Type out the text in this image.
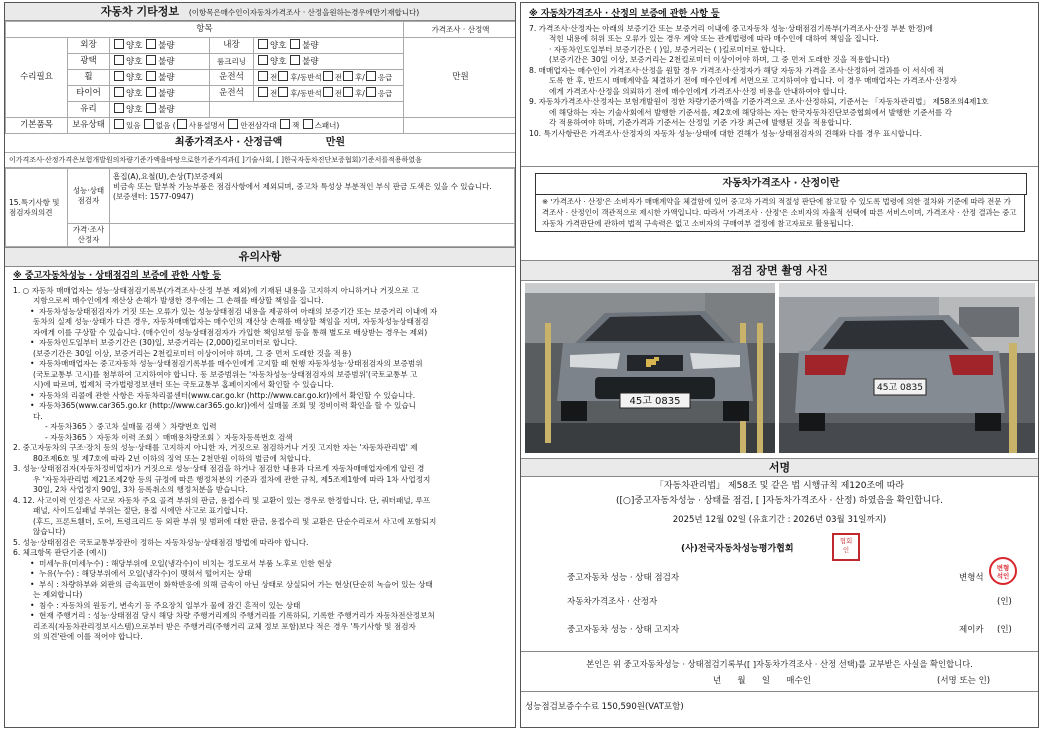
자동차 기타정보 (이항목은매수인이자동차가격조사 · 산정을원하는경우에만기재합니다)
항목					가격조사 · 산정액
수리필요	외장	양호 불량	내장	양호 불량	만원
	광택	양호 불량	룸크리닝	양호 불량	
	휠	양호 불량	운전석	전 후/동반석 전 후/ 응급	
	타이어	양호 불량	운전석	전 후/동반석 전 후/ 응급	
	유리	양호 불량			
기본품목	보유상태	있음 없음 ( 사용설명서 안전삼각대 잭 스패너)			
최종가격조사 · 산정금액	만원
이가격조사·산정가격은보험개발원의차량기준가액을바탕으로한기준가격과([ ]기술사회, [ ]한국자동차진단보증협회)기준서를적용하였음
15.특기사항 및 점검자의의견	성능·상태 점검자	흠집(A),요철(U),손상(T)보증제외
비금속 또는 탈부착 가능부품은 점검사항에서 제외되며, 중고차 특성상 부분적인 부식 판금 도색은 있을 수 있습니다.
(보증센터: 1577-0947)
	가격·조사 산정자	
유의사항

※ 중고자동차성능 · 상태점검의 보증에 관한 사항 등

1. ○ 자동차 매매업자는 성능·상태점검기록부(가격조사·산정 부분 제외)에 기재된 내용을 고지하지 아니하거나 거짓으로 고

지함으로써 매수인에게 재산상 손해가 발생한 경우에는 그 손해를 배상할 책임을 집니다.

• 자동차성능상태점검자가 거짓 또는 오류가 있는 성능상태점검 내용을 제공하여 아래의 보증기간 또는 보증거리 이내에 자

동차의 실제 성능·상태가 다른 경우, 자동차매매업자는 매수인의 재산상 손해를 배상할 책임을 지며, 자동차성능상태점검

자에게 이를 구상할 수 있습니다. (매수인이 성능상태점검자가 가입한 책임보험 등을 통해 별도로 배상받는 경우는 제외)

• 자동차인도일부터 보증기간은 (30)일, 보증거리는 (2,000)킬로미터로 합니다.

(보증기간은 30일 이상, 보증거리는 2천킬로미터 이상이어야 하며, 그 중 먼저 도래한 것을 적용)

• 자동차매매업자는 중고자동차 성능·상태점검기록부를 매수인에게 고지할 때 현행 자동차성능·상태점검자의 보증범위

(국토교통부 고시)를 첨부하여 고지하여야 합니다. 동 보증범위는 '자동차성능·상태점검자의 보증범위'(국토교통부 고

시)에 따르며, 법제처 국가법령정보센터 또는 국토교통부 홈페이지에서 확인할 수 있습니다.

• 자동차의 리콜에 관한 사항은 자동차리콜센터(www.car.go.kr (http://www.car.go.kr))에서 확인할 수 있습니다.

• 자동차365(www.car365.go.kr (http://www.car365.go.kr))에서 실매물 조회 및 정비이력 확인을 할 수 있습니

다.

- 자동차365 〉중고차 실매물 검색 〉차량번호 입력

- 자동차365 〉자동차 이력 조회 〉매매용차량조회 〉자동차등록번호 검색

2. 중고자동차의 구조·장치 등의 성능·상태를 고지하지 아니한 자, 거짓으로 점검하거나 거짓 고지한 자는 '자동차관리법' 제

80조제6호 및 제7호에 따라 2년 이하의 징역 또는 2천만원 이하의 벌금에 처합니다.

3. 성능·상태점검자(자동차정비업자)가 거짓으로 성능·상태 점검을 하거나 점검한 내용과 다르게 자동차매매업자에게 알린 경

우 '자동차관리법 제21조제2항 등의 규정에 따른 행정처분의 기준과 절차에 관한 규칙, 제5조제1항에 따라 1차 사업정지

30일, 2차 사업정지 90일, 3차 등록취소의 행정처분을 받습니다.

4. 12. 사고이력 인정은 사고로 자동차 주요 골격 부위의 판금, 용접수리 및 교환이 있는 경우로 한정합니다. 단, 쿼터패널, 루프

패널, 사이드실패널 부위는 절단, 용접 시에만 사고로 표기합니다.

(후드, 프론트휀더, 도어, 트렁크리드 등 외판 부위 및 범퍼에 대한 판금, 용접수리 및 교환은 단순수리로서 사고에 포함되지

않습니다)

5. 성능·상태점검은 국토교통부장관이 정하는 자동차성능·상태점검 방법에 따라야 합니다.

6. 체크항목 판단기준 (예시)

• 미세누유(미세누수) : 해당부위에 오일(냉각수)이 비치는 정도로서 부품 노후로 인한 현상

• 누유(누수) : 해당부위에서 오일(냉각수)이 맺혀서 떨어지는 상태

• 부식 : 차량하부와 외판의 금속표면이 화학반응에 의해 금속이 아닌 상태로 상실되어 가는 현상(단순히 녹슬어 있는 상태

는 제외합니다)

• 침수 : 자동차의 원동기, 변속기 등 주요장치 일부가 물에 잠긴 흔적이 있는 상태

• 현재 주행거리 : 성능·상태점검 당시 해당 차량 주행거리계의 주행거리를 기록하되, 기록한 주행거리가 자동차전산정보처

리조직(자동차관리정보시스템)으로부터 받은 주행거리(주행거리 교체 정보 포함)보다 적은 경우 '특기사항 및 점검자

의 의견'란에 이를 적어야 합니다.

※ 자동차가격조사 · 산정의 보증에 관한 사항 등

7. 가격조사·산정자는 아래의 보증기간 또는 보증거리 이내에 중고자동차 성능·상태점검기록부(가격조사·산정 부분 한정)에

적힌 내용에 허위 또는 오류가 있는 경우 계약 또는 관계법령에 따라 매수인에 대하여 책임을 집니다.

· 자동차인도일부터 보증기간은 ( )일, 보증거리는 ( )킬로미터로 합니다.

(보증기간은 30일 이상, 보증거리는 2천킬로미터 이상이어야 하며, 그 중 먼저 도래한 것을 적용합니다)

8. 매매업자는 매수인이 가격조사·산정을 원할 경우 가격조사·산정자가 해당 자동차 가격을 조사·산정하여 결과를 이 서식에 적

도록 한 후, 반드시 매매계약을 체결하기 전에 매수인에게 서면으로 고지하여야 합니다. 이 경우 매매업자는 가격조사·산정자

에게 가격조사·산정을 의뢰하기 전에 매수인에게 가격조사·산정 비용을 안내하여야 합니다.

9. 자동차가격조사·산정자는 보험개발원이 정한 차량기준가액을 기준가격으로 조사·산정하되, 기준서는 「자동차관리법」 제58조의4제1호

에 해당하는 자는 기술사회에서 발행한 기준서를, 제2호에 해당하는 자는 한국자동차진단보증협회에서 발행한 기준서를 각

각 적용하여야 하며, 기준가격과 기준서는 산정일 기준 가장 최근에 발행된 것을 적용합니다.

10. 특기사항란은 가격조사·산정자의 자동차 성능·상태에 대한 견해가 성능·상태점검자의 견해와 다를 경우 표시합니다.

자동차가격조사 · 산정이란
※ '가격조사 · 산정'은 소비자가 매매계약을 체결함에 있어 중고차 가격의 적절성 판단에 참고할 수 있도록 법령에 의한 절차와 기준에 따라 전문 가격조사 · 산정인이 객관적으로 제시한 가액입니다. 따라서 '가격조사 · 산정'은 소비자의 자율적 선택에 따른 서비스이며, 가격조사 · 산정 결과는 중고자동차 가격판단에 관하여 법적 구속력은 없고 소비자의 구매여부 결정에 참고자료로 활용됩니다.
점검 장면 촬영 사진
45고 0835
45고 0835
서명
「자동차관리법」 제58조 및 같은 법 시행규칙 제120조에 따라
([○]중고자동차성능 · 상태를 점검, [ ]자동차가격조사 · 산정) 하였음을 확인합니다.
2025년 12월 02일 (유효기간 : 2026년 03월 31일까지)
(사)전국자동차성능평가협회
협회
인
중고자동차 성능 · 상태 점검자	변형석
변형
석인
자동차가격조사 · 산정자	(인)
중고자동차 성능 · 상태 고지자	제이카 (인)
본인은 위 중고자동차성능 · 상태점검기록부([ ]자동차가격조사 · 산정 선택)를 교부받은 사실을 확인합니다.
년      월      일      매수인	(서명 또는 인)
성능점검보증수수료 150,590원(VAT포함)
